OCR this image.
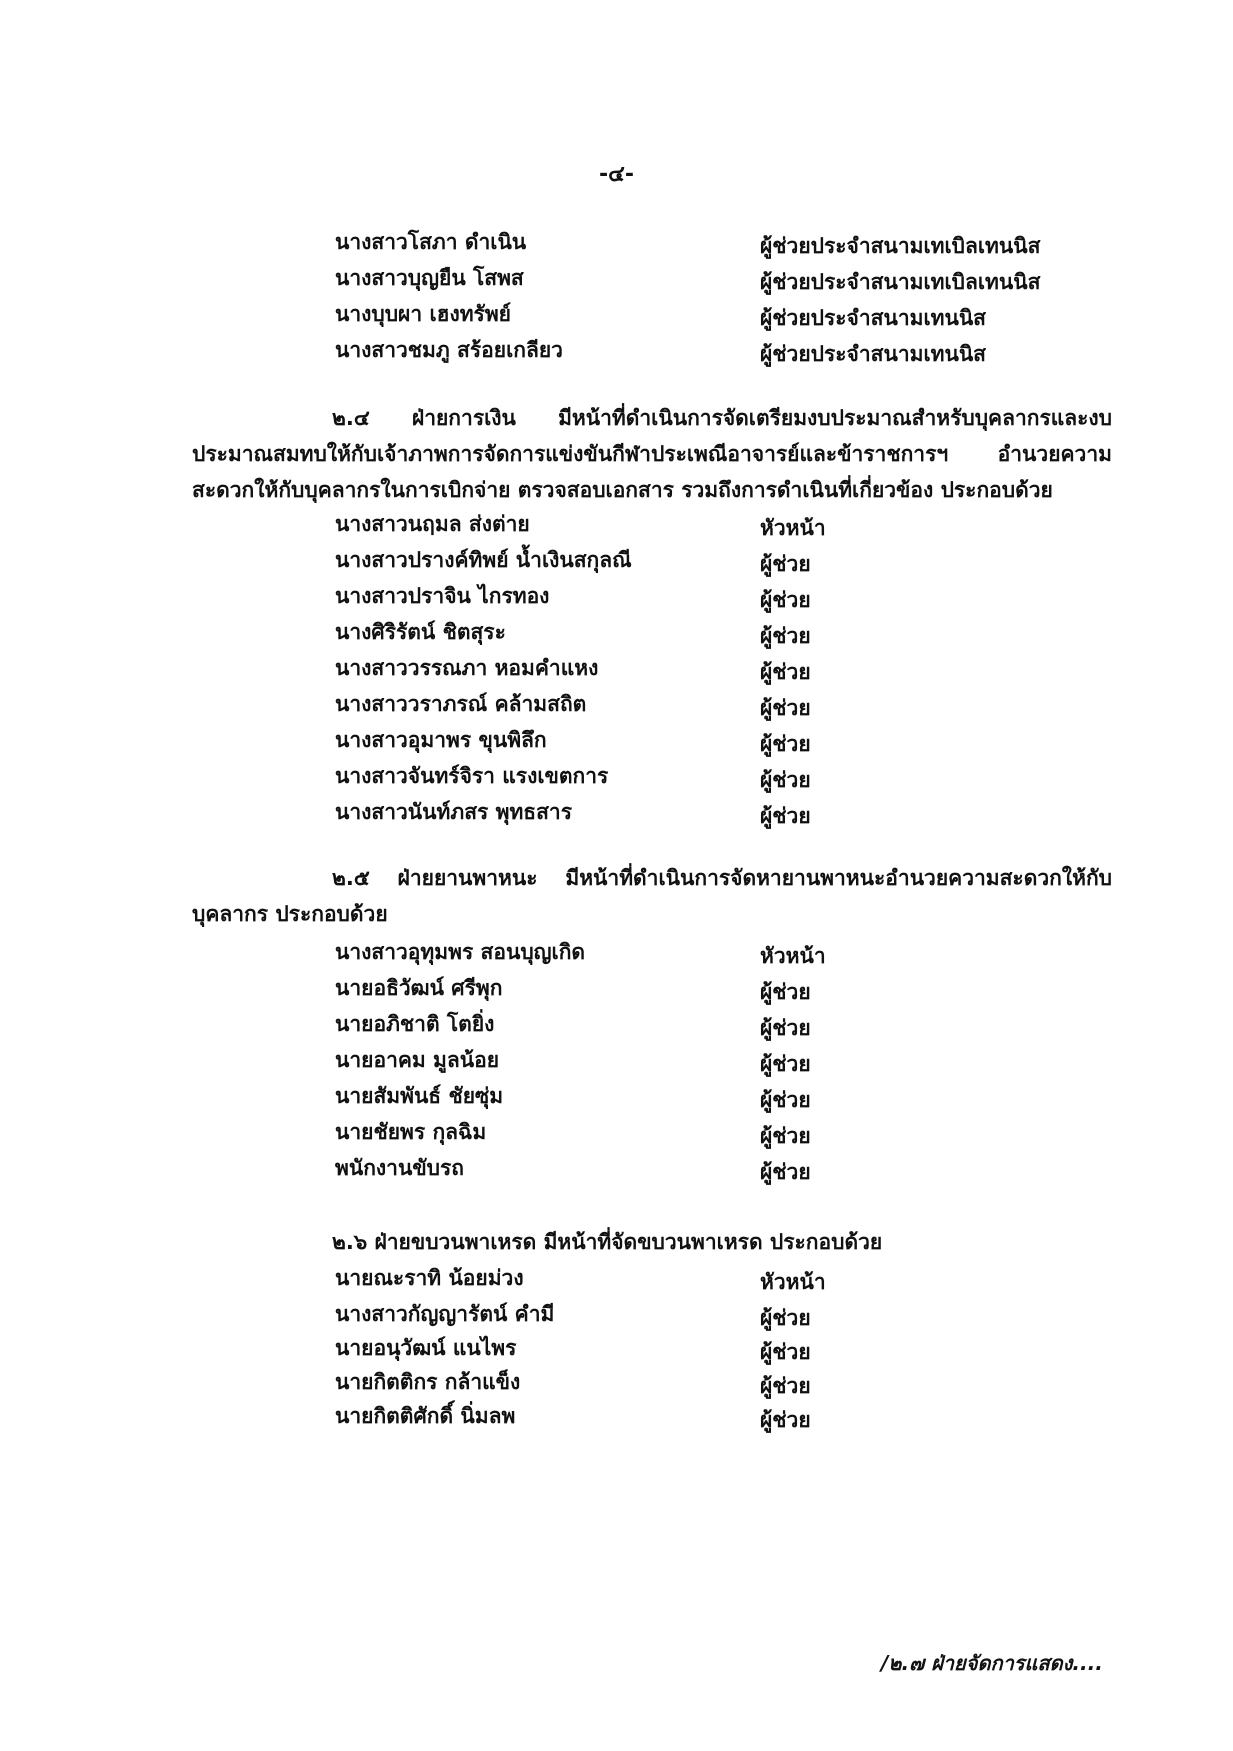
-๔-
นางสาวโสภา ดำเนิน	ผู้ช่วยประจำสนามเทเบิลเทนนิส
นางสาวบุญยืน โสพส	ผู้ช่วยประจำสนามเทเบิลเทนนิส
นางบุบผา เฮงทรัพย์	ผู้ช่วยประจำสนามเทนนิส
นางสาวชมภู สร้อยเกลียว	ผู้ช่วยประจำสนามเทนนิส
๒.๔ ฝ่ายการเงิน มีหน้าที่ดำเนินการจัดเตรียมงบประมาณสำหรับบุคลากรและงบประมาณสมทบให้กับเจ้าภาพการจัดการแข่งขันกีฬาประเพณีอาจารย์และข้าราชการฯ อำนวยความสะดวกให้กับบุคลากรในการเบิกจ่าย ตรวจสอบเอกสาร รวมถึงการดำเนินที่เกี่ยวข้อง ประกอบด้วย
นางสาวนฤมล ส่งต่าย	หัวหน้า
นางสาวปรางค์ทิพย์ น้ำเงินสกุลณี	ผู้ช่วย
นางสาวปราจิน ไกรทอง	ผู้ช่วย
นางศิริรัตน์ ชิตสุระ	ผู้ช่วย
นางสาววรรณภา หอมคำแหง	ผู้ช่วย
นางสาววราภรณ์ คล้ามสถิต	ผู้ช่วย
นางสาวอุมาพร ขุนพิลึก	ผู้ช่วย
นางสาวจันทร์จิรา แรงเขตการ	ผู้ช่วย
นางสาวนันท์ภสร พุทธสาร	ผู้ช่วย
๒.๕ ฝ่ายยานพาหนะ มีหน้าที่ดำเนินการจัดหายานพาหนะอำนวยความสะดวกให้กับบุคลากร ประกอบด้วย
นางสาวอุทุมพร สอนบุญเกิด	หัวหน้า
นายอธิวัฒน์ ศรีพุก	ผู้ช่วย
นายอภิชาติ โตยิ่ง	ผู้ช่วย
นายอาคม มูลน้อย	ผู้ช่วย
นายสัมพันธ์ ชัยซุ่ม	ผู้ช่วย
นายชัยพร กุลฉิม	ผู้ช่วย
พนักงานขับรถ	ผู้ช่วย
๒.๖ ฝ่ายขบวนพาเหรด มีหน้าที่จัดขบวนพาเหรด ประกอบด้วย
นายณะราทิ น้อยม่วง	หัวหน้า
นางสาวกัญญารัตน์ คำมี	ผู้ช่วย
นายอนุวัฒน์ แนไพร	ผู้ช่วย
นายกิตติกร กล้าแข็ง	ผู้ช่วย
นายกิตติศักดิ์ นิ่มลพ	ผู้ช่วย
/๒.๗ ฝ่ายจัดการแสดง....
